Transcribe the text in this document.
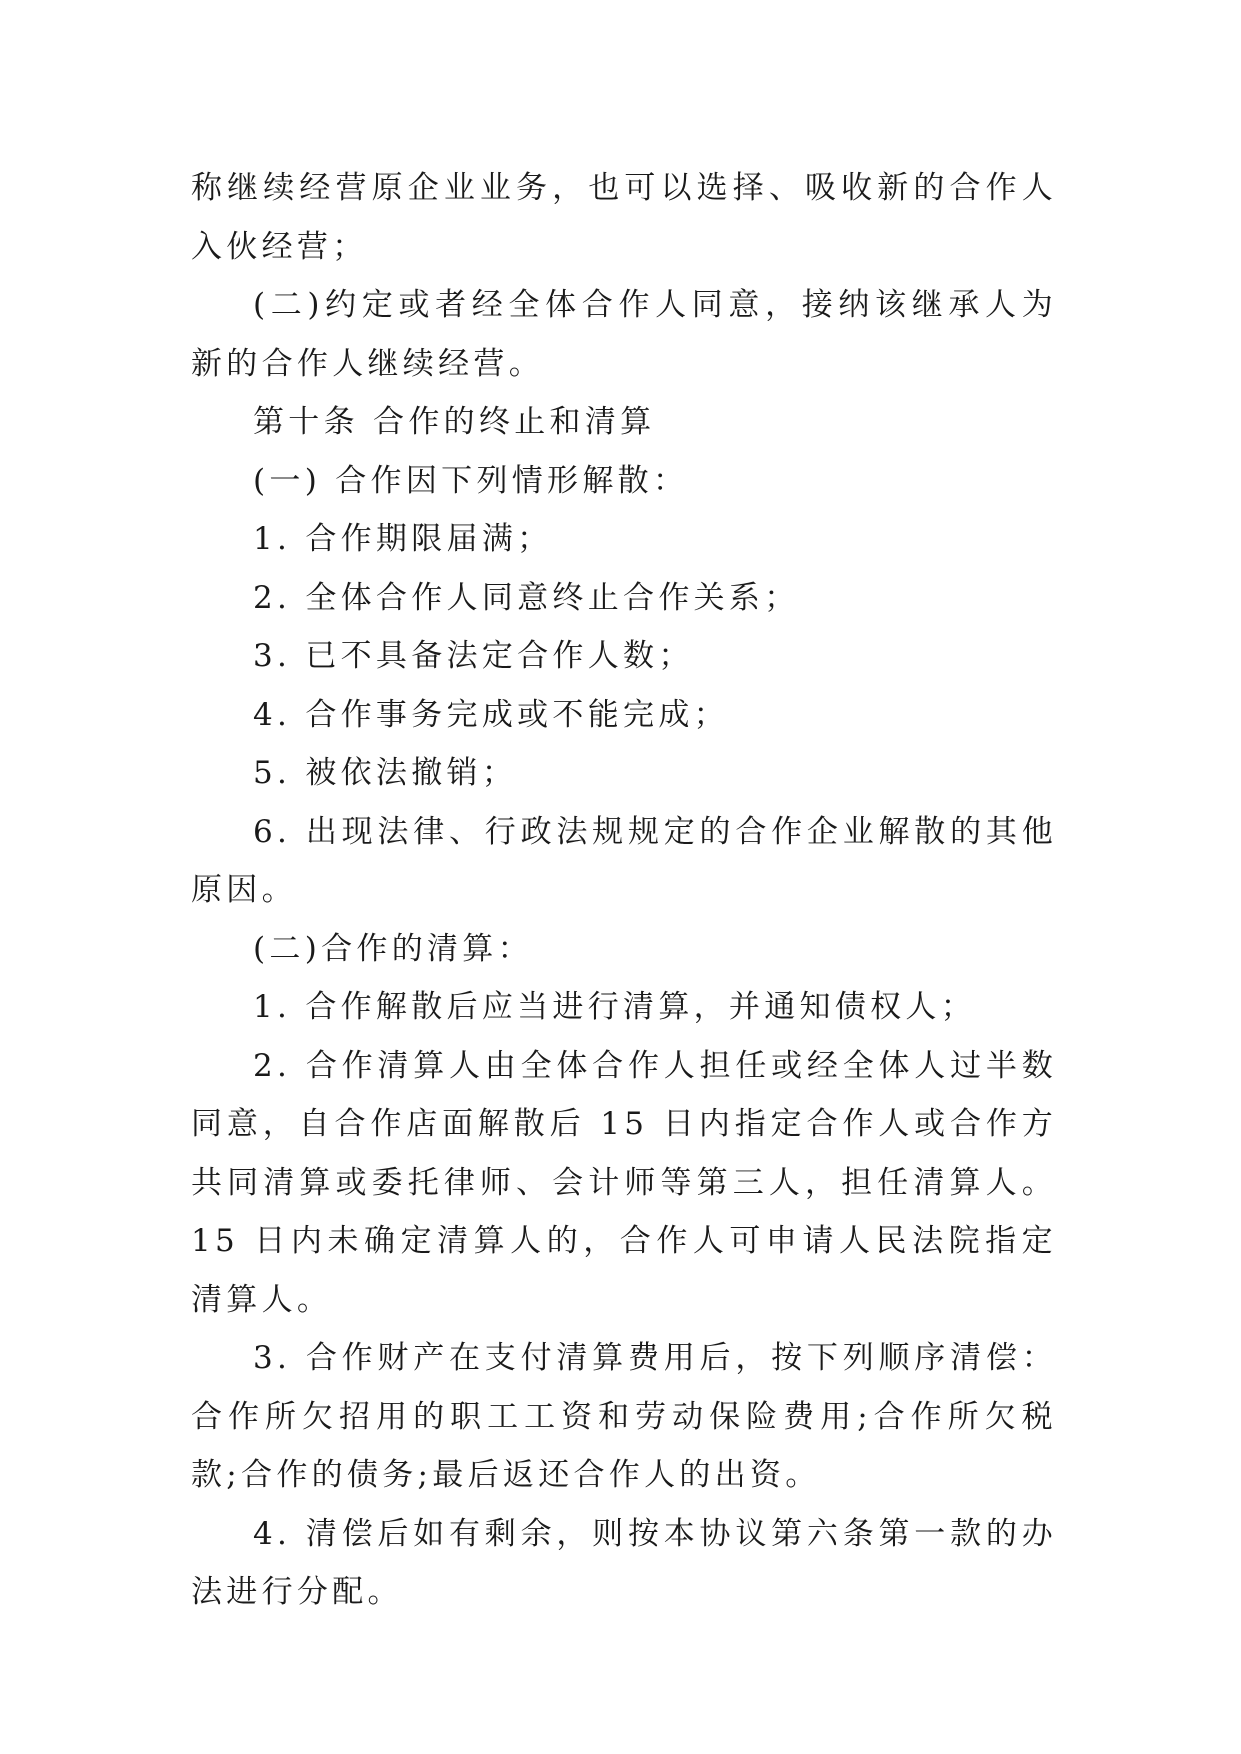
称继续经营原企业业务，也可以选择、吸收新的合作人入伙经营；

(二)约定或者经全体合作人同意，接纳该继承人为新的合作人继续经营。

第十条 合作的终止和清算

(一) 合作因下列情形解散：

1. 合作期限届满；

2. 全体合作人同意终止合作关系；

3. 已不具备法定合作人数；

4. 合作事务完成或不能完成；

5. 被依法撤销；

6. 出现法律、行政法规规定的合作企业解散的其他原因。

(二)合作的清算：

1. 合作解散后应当进行清算，并通知债权人；

2. 合作清算人由全体合作人担任或经全体人过半数同意，自合作店面解散后 15 日内指定合作人或合作方共同清算或委托律师、会计师等第三人，担任清算人。15 日内未确定清算人的，合作人可申请人民法院指定清算人。

3. 合作财产在支付清算费用后，按下列顺序清偿：合作所欠招用的职工工资和劳动保险费用;合作所欠税款;合作的债务;最后返还合作人的出资。

4. 清偿后如有剩余，则按本协议第六条第一款的办法进行分配。
